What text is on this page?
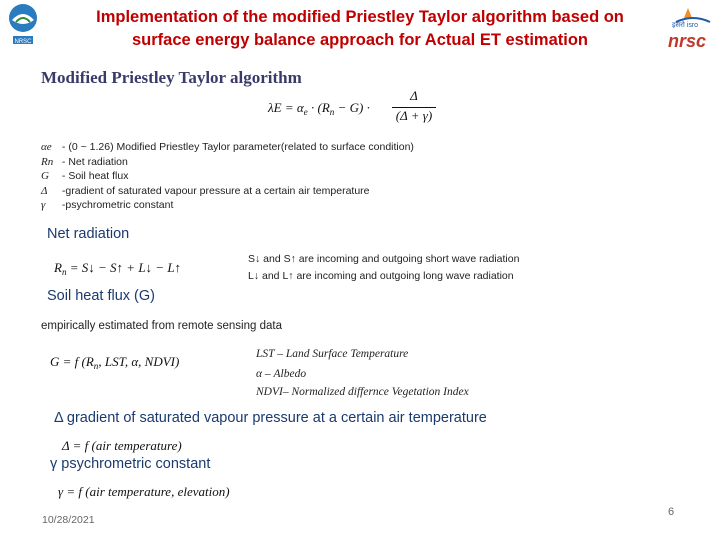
NRSC
Implementation of the modified Priestley Taylor algorithm based on
surface energy balance approach for Actual ET estimation
इसरो isro
nrsc
Modified Priestley Taylor algorithm
$\lambda E = \alpha_e \cdot (R_n - G)$ ·
Δ
(Δ + γ)
αe - (0 ~ 1.26) Modified Priestley Taylor parameter(related to surface condition)
Rn - Net radiation
G - Soil heat flux
Δ -gradient of saturated vapour pressure at a certain air temperature
γ -psychrometric constant
Net radiation
$R_n$ = S↓ − S↑ + L↓ − L↑
S↓ and S↑ are incoming and outgoing short wave radiation
L↓ and L↑ are incoming and outgoing long wave radiation
Soil heat flux (G)
empirically estimated from remote sensing data
G = f ($R_n$, LST, α, NDVI)	LST – Land Surface Temperature
α – Albedo
NDVI– Normalized differnce Vegetation Index
Δ gradient of saturated vapour pressure at a certain air temperature
Δ = f (air temperature)
γ psychrometric constant
γ = f (air temperature, elevation)
10/28/2021
6
